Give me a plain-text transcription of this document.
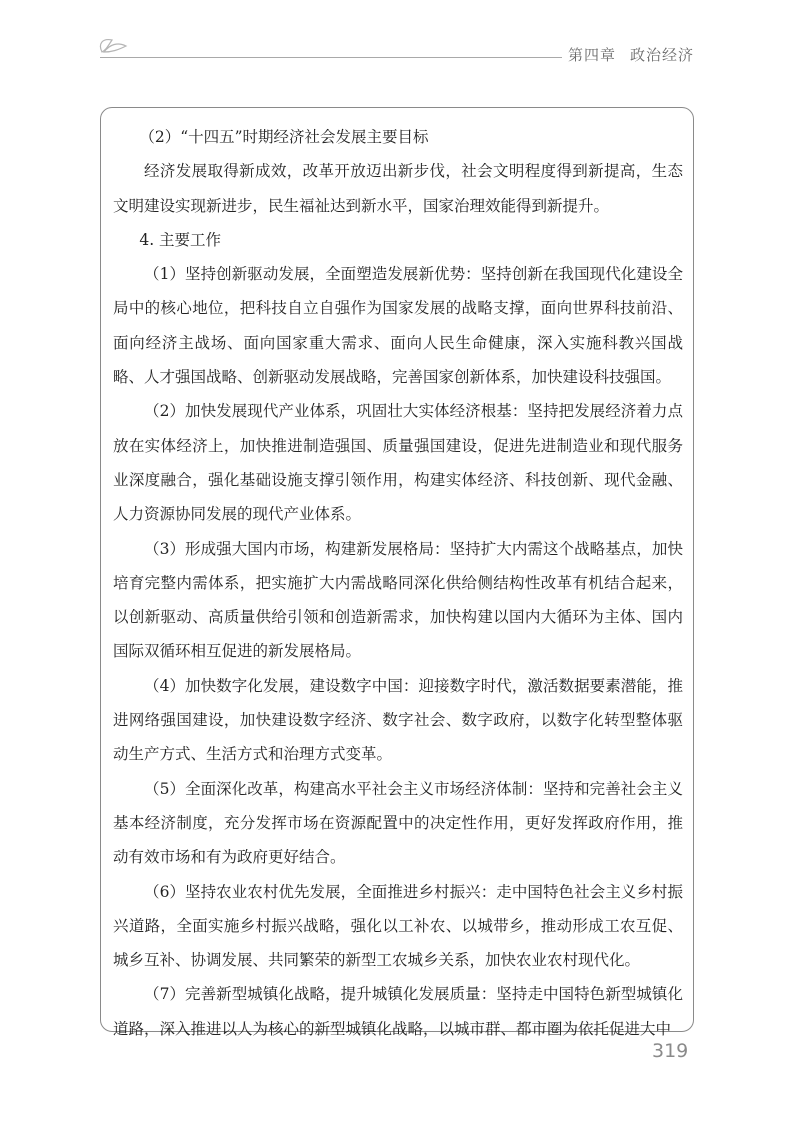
第四章 政治经济

（2）“十四五”时期经济社会发展主要目标

经济发展取得新成效，改革开放迈出新步伐，社会文明程度得到新提高，生态文明建设实现新进步，民生福祉达到新水平，国家治理效能得到新提升。

4. 主要工作

（1）坚持创新驱动发展，全面塑造发展新优势：坚持创新在我国现代化建设全局中的核心地位，把科技自立自强作为国家发展的战略支撑，面向世界科技前沿、面向经济主战场、面向国家重大需求、面向人民生命健康，深入实施科教兴国战略、人才强国战略、创新驱动发展战略，完善国家创新体系，加快建设科技强国。

（2）加快发展现代产业体系，巩固壮大实体经济根基：坚持把发展经济着力点放在实体经济上，加快推进制造强国、质量强国建设，促进先进制造业和现代服务业深度融合，强化基础设施支撑引领作用，构建实体经济、科技创新、现代金融、人力资源协同发展的现代产业体系。

（3）形成强大国内市场，构建新发展格局：坚持扩大内需这个战略基点，加快培育完整内需体系，把实施扩大内需战略同深化供给侧结构性改革有机结合起来，以创新驱动、高质量供给引领和创造新需求，加快构建以国内大循环为主体、国内国际双循环相互促进的新发展格局。

（4）加快数字化发展，建设数字中国：迎接数字时代，激活数据要素潜能，推进网络强国建设，加快建设数字经济、数字社会、数字政府，以数字化转型整体驱动生产方式、生活方式和治理方式变革。

（5）全面深化改革，构建高水平社会主义市场经济体制：坚持和完善社会主义基本经济制度，充分发挥市场在资源配置中的决定性作用，更好发挥政府作用，推动有效市场和有为政府更好结合。

（6）坚持农业农村优先发展，全面推进乡村振兴：走中国特色社会主义乡村振兴道路，全面实施乡村振兴战略，强化以工补农、以城带乡，推动形成工农互促、城乡互补、协调发展、共同繁荣的新型工农城乡关系，加快农业农村现代化。

（7）完善新型城镇化战略，提升城镇化发展质量：坚持走中国特色新型城镇化道路，深入推进以人为核心的新型城镇化战略，以城市群、都市圈为依托促进大中

319
